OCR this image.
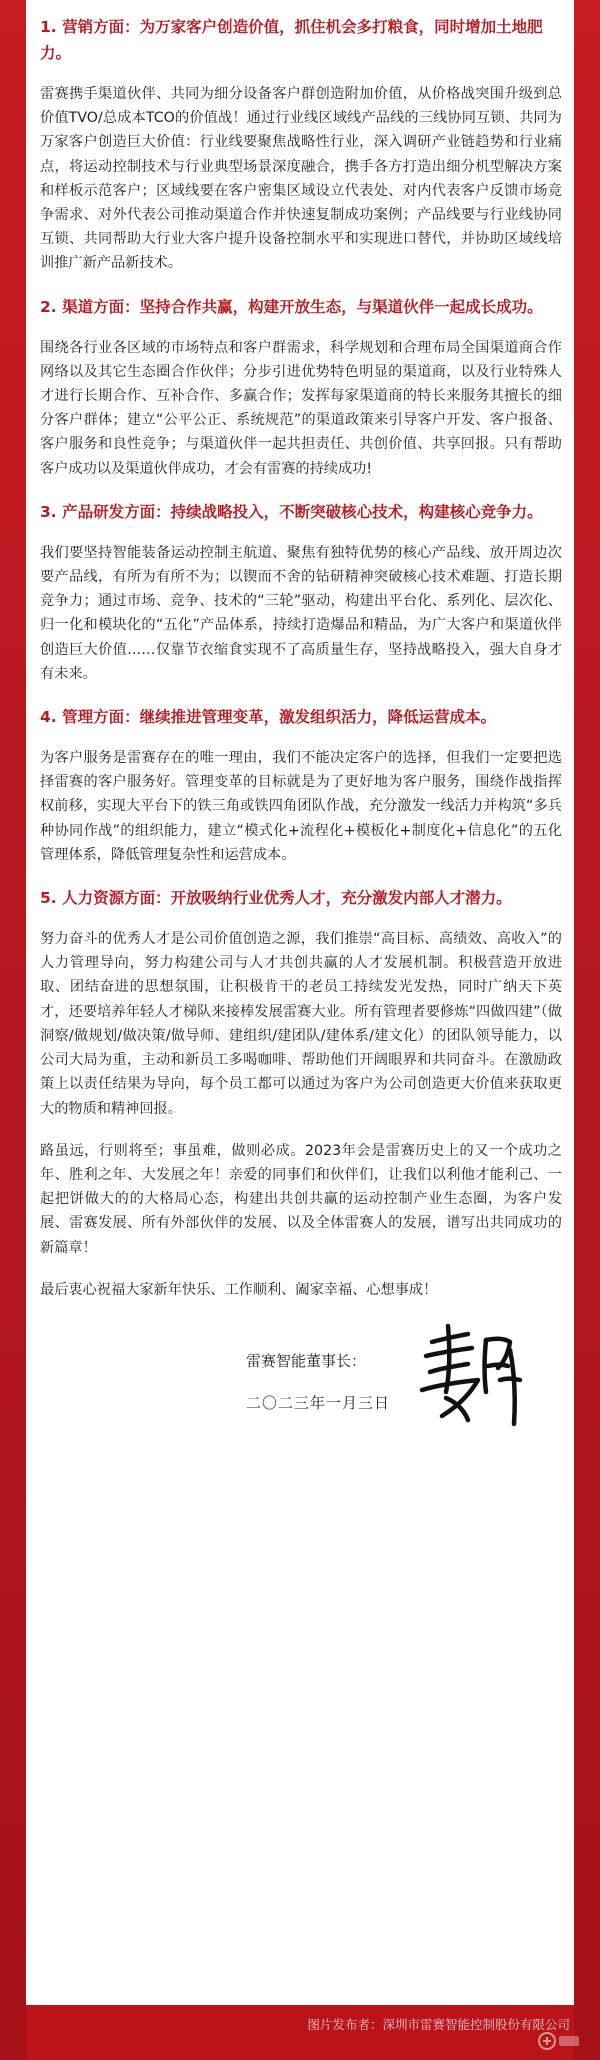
1. 营销方面：为万家客户创造价值，抓住机会多打粮食，同时增加土地肥力。

雷赛携手渠道伙伴、共同为细分设备客户群创造附加价值，从价格战突围升级到总价值TVO/总成本TCO的价值战！通过行业线区域线产品线的三线协同互锁、共同为万家客户创造巨大价值：行业线要聚焦战略性行业，深入调研产业链趋势和行业痛点，将运动控制技术与行业典型场景深度融合，携手各方打造出细分机型解决方案和样板示范客户；区域线要在客户密集区域设立代表处、对内代表客户反馈市场竞争需求、对外代表公司推动渠道合作并快速复制成功案例；产品线要与行业线协同互锁、共同帮助大行业大客户提升设备控制水平和实现进口替代，并协助区域线培训推广新产品新技术。

2. 渠道方面：坚持合作共赢，构建开放生态，与渠道伙伴一起成长成功。

围绕各行业各区域的市场特点和客户群需求，科学规划和合理布局全国渠道商合作网络以及其它生态圈合作伙伴；分步引进优势特色明显的渠道商，以及行业特殊人才进行长期合作、互补合作、多赢合作；发挥每家渠道商的特长来服务其擅长的细分客户群体；建立“公平公正、系统规范”的渠道政策来引导客户开发、客户报备、客户服务和良性竞争；与渠道伙伴一起共担责任、共创价值、共享回报。只有帮助客户成功以及渠道伙伴成功，才会有雷赛的持续成功!

3. 产品研发方面：持续战略投入，不断突破核心技术，构建核心竞争力。

我们要坚持智能装备运动控制主航道、聚焦有独特优势的核心产品线、放开周边次要产品线，有所为有所不为；以锲而不舍的钻研精神突破核心技术难题、打造长期竞争力；通过市场、竞争、技术的“三轮”驱动，构建出平台化、系列化、层次化、归一化和模块化的“五化”产品体系，持续打造爆品和精品，为广大客户和渠道伙伴创造巨大价值……仅靠节衣缩食实现不了高质量生存，坚持战略投入，强大自身才有未来。

4. 管理方面：继续推进管理变革，激发组织活力，降低运营成本。

为客户服务是雷赛存在的唯一理由，我们不能决定客户的选择，但我们一定要把选择雷赛的客户服务好。管理变革的目标就是为了更好地为客户服务，围绕作战指挥权前移，实现大平台下的铁三角或铁四角团队作战，充分激发一线活力并构筑“多兵种协同作战”的组织能力，建立“模式化+流程化+模板化+制度化+信息化”的五化管理体系，降低管理复杂性和运营成本。

5. 人力资源方面：开放吸纳行业优秀人才，充分激发内部人才潜力。

努力奋斗的优秀人才是公司价值创造之源，我们推崇“高目标、高绩效、高收入”的人力管理导向，努力构建公司与人才共创共赢的人才发展机制。积极营造开放进取、团结奋进的思想氛围，让积极肯干的老员工持续发光发热，同时广纳天下英才，还要培养年轻人才梯队来接棒发展雷赛大业。所有管理者要修炼“四做四建”（做洞察/做规划/做决策/做导师、建组织/建团队/建体系/建文化）的团队领导能力，以公司大局为重，主动和新员工多喝咖啡、帮助他们开阔眼界和共同奋斗。在激励政策上以责任结果为导向，每个员工都可以通过为客户为公司创造更大价值来获取更大的物质和精神回报。

路虽远，行则将至；事虽难，做则必成。2023年会是雷赛历史上的又一个成功之年、胜利之年、大发展之年！亲爱的同事们和伙伴们，让我们以利他才能利己、一起把饼做大的的大格局心态，构建出共创共赢的运动控制产业生态圈，为客户发展、雷赛发展、所有外部伙伴的发展、以及全体雷赛人的发展，谱写出共同成功的新篇章！

最后衷心祝福大家新年快乐、工作顺利、阖家幸福、心想事成！

雷赛智能董事长：
二〇二三年一月三日
图片发布者：深圳市雷赛智能控制股份有限公司
